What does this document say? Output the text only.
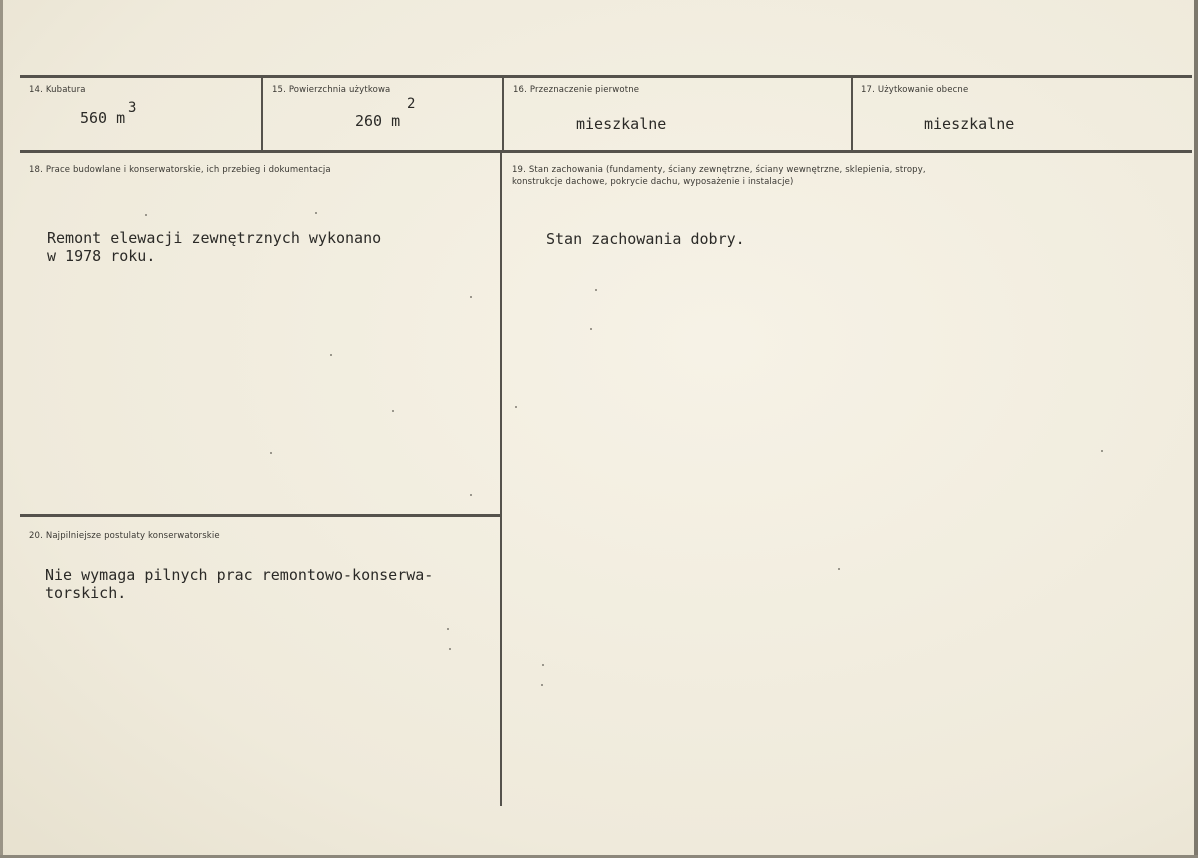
14. Kubatura
560 m
3
15. Powierzchnia użytkowa
260 m
2
16. Przeznaczenie pierwotne
mieszkalne
17. Użytkowanie obecne
mieszkalne
18. Prace budowlane i konserwatorskie, ich przebieg i dokumentacja
Remont elewacji zewnętrznych wykonano
w 1978 roku.
19. Stan zachowania (fundamenty, ściany zewnętrzne, ściany wewnętrzne, sklepienia, stropy,
konstrukcje dachowe, pokrycie dachu, wyposażenie i instalacje)
Stan zachowania dobry.
20. Najpilniejsze postulaty konserwatorskie
Nie wymaga pilnych prac remontowo-konserwa-
torskich.
